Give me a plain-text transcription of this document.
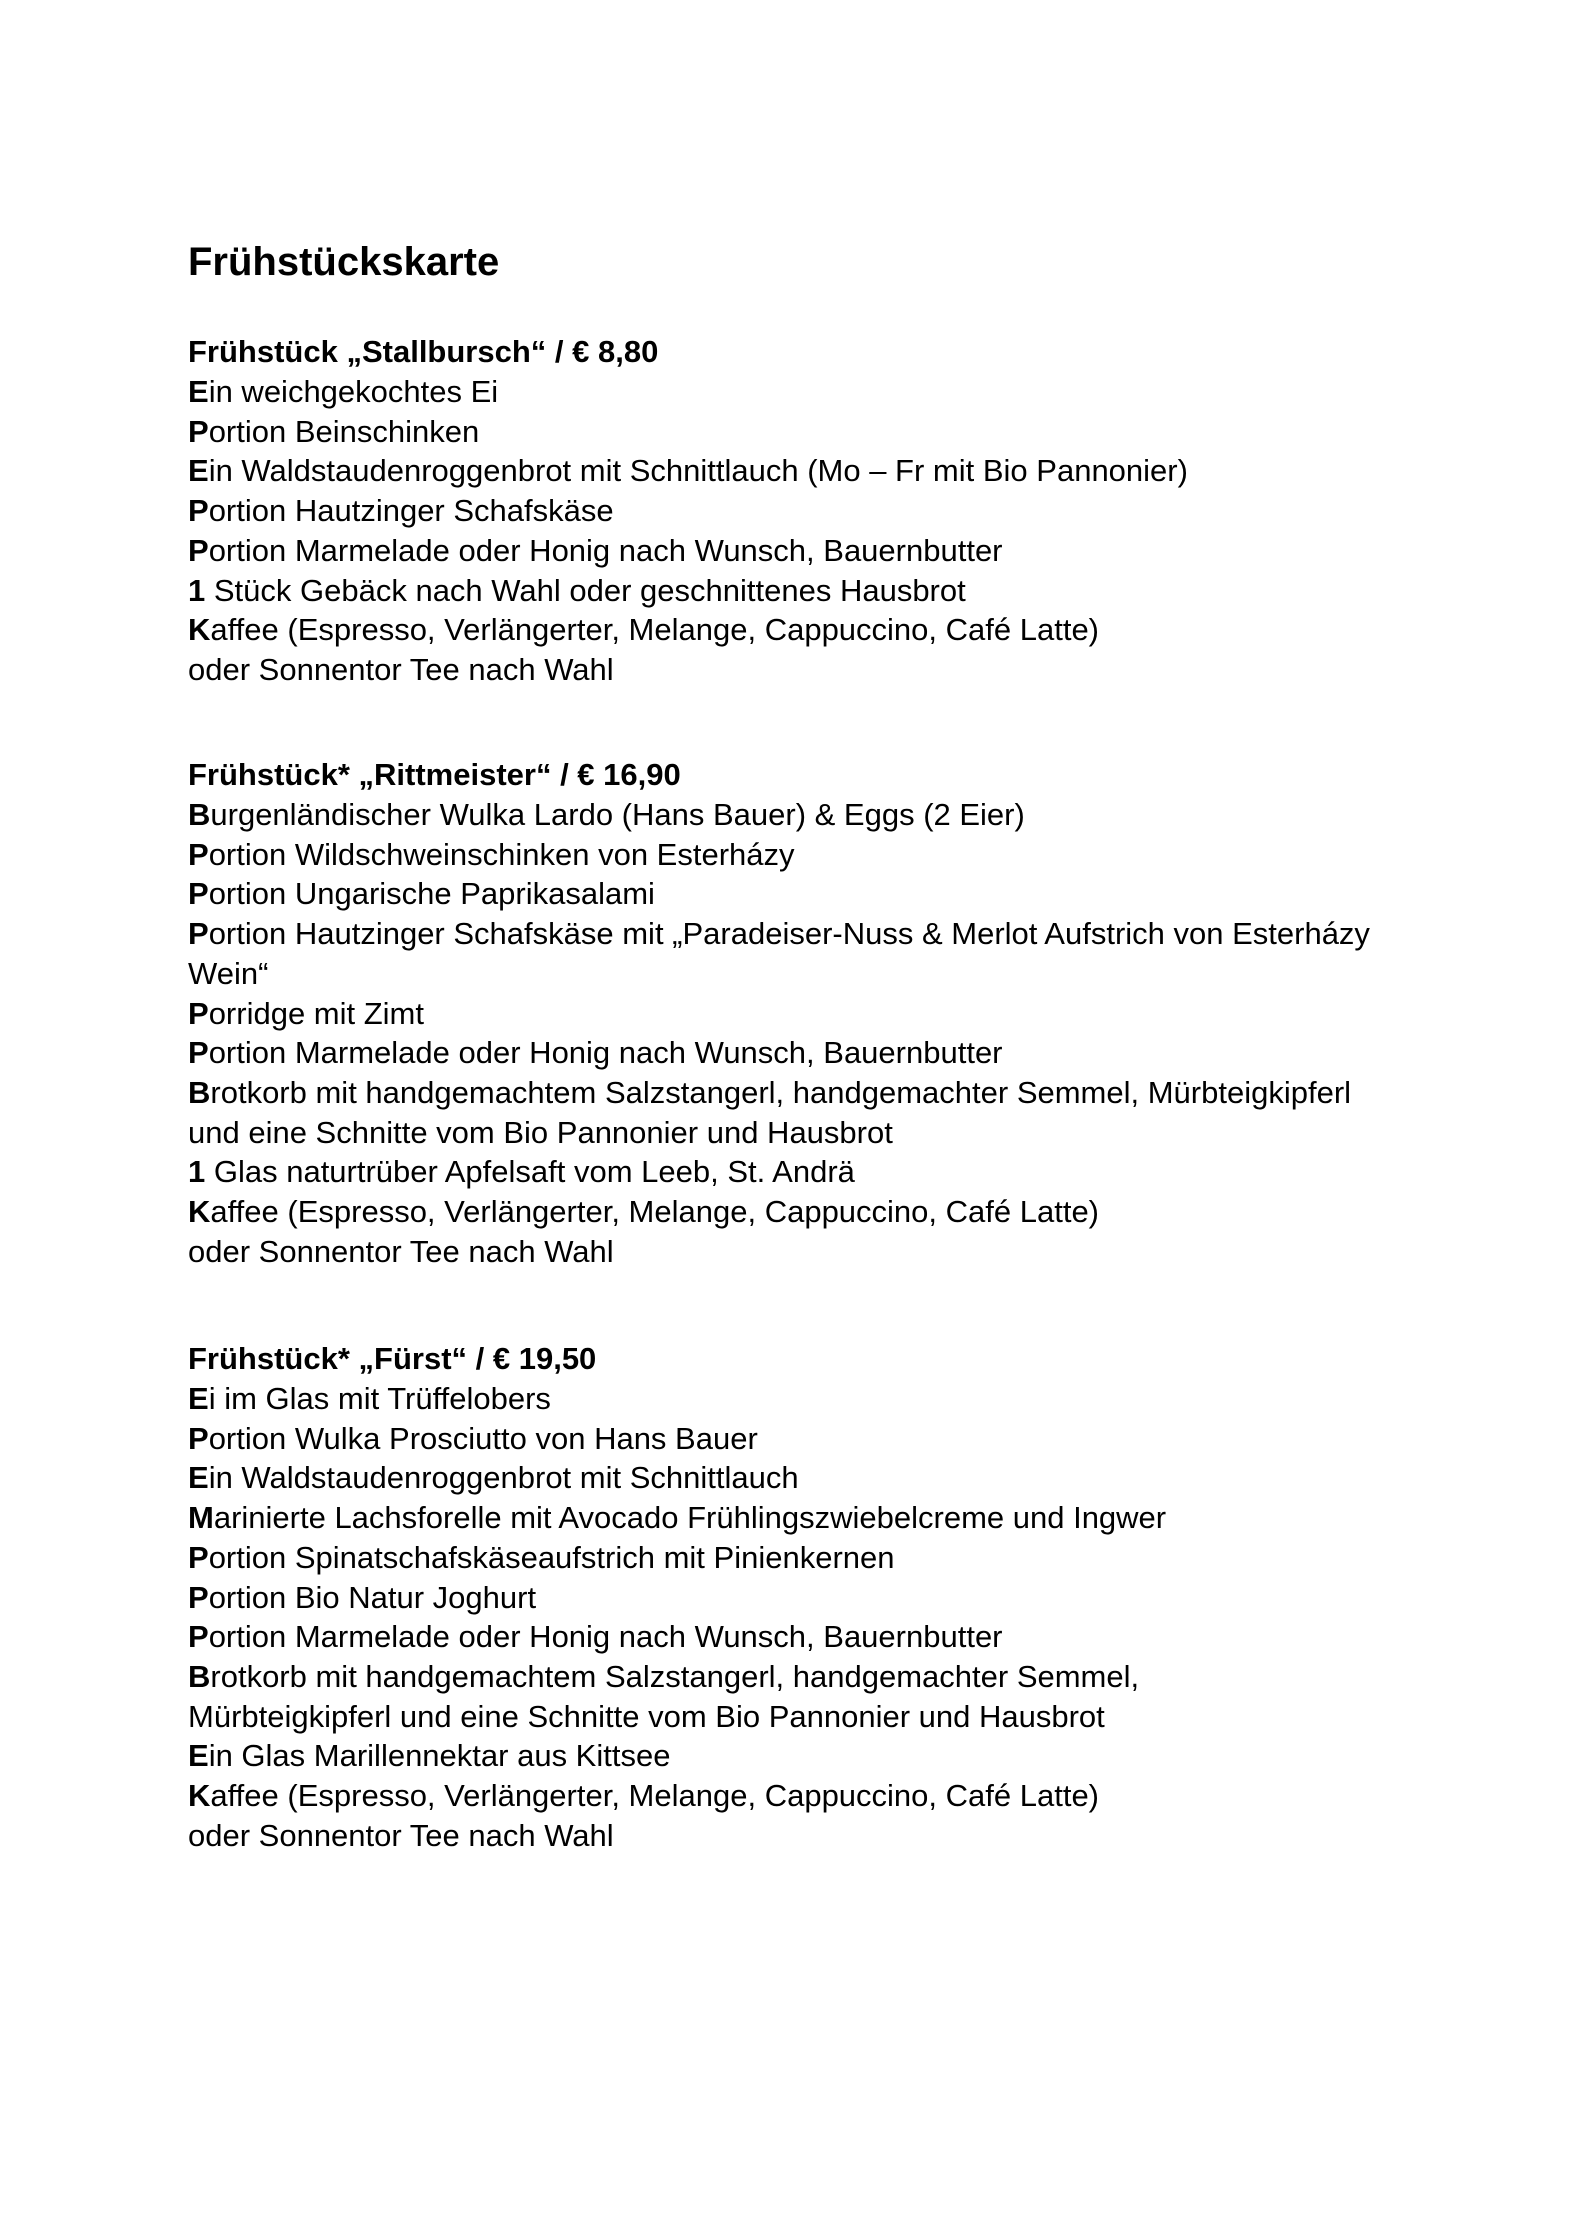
Frühstückskarte
Frühstück „Stallbursch“ / € 8,80
Ein weichgekochtes Ei
Portion Beinschinken
Ein Waldstaudenroggenbrot mit Schnittlauch (Mo – Fr mit Bio Pannonier)
Portion Hautzinger Schafskäse
Portion Marmelade oder Honig nach Wunsch, Bauernbutter
1 Stück Gebäck nach Wahl oder geschnittenes Hausbrot
Kaffee (Espresso, Verlängerter, Melange, Cappuccino, Café Latte)
oder Sonnentor Tee nach Wahl
Frühstück* „Rittmeister“ / € 16,90
Burgenländischer Wulka Lardo (Hans Bauer) & Eggs (2 Eier)
Portion Wildschweinschinken von Esterházy
Portion Ungarische Paprikasalami
Portion Hautzinger Schafskäse mit „Paradeiser-Nuss & Merlot Aufstrich von Esterházy
Wein“
Porridge mit Zimt
Portion Marmelade oder Honig nach Wunsch, Bauernbutter
Brotkorb mit handgemachtem Salzstangerl, handgemachter Semmel, Mürbteigkipferl
und eine Schnitte vom Bio Pannonier und Hausbrot
1 Glas naturtrüber Apfelsaft vom Leeb, St. Andrä
Kaffee (Espresso, Verlängerter, Melange, Cappuccino, Café Latte)
oder Sonnentor Tee nach Wahl
Frühstück* „Fürst“ / € 19,50
Ei im Glas mit Trüffelobers
Portion Wulka Prosciutto von Hans Bauer
Ein Waldstaudenroggenbrot mit Schnittlauch
Marinierte Lachsforelle mit Avocado Frühlingszwiebelcreme und Ingwer
Portion Spinatschafskäseaufstrich mit Pinienkernen
Portion Bio Natur Joghurt
Portion Marmelade oder Honig nach Wunsch, Bauernbutter
Brotkorb mit handgemachtem Salzstangerl, handgemachter Semmel,
Mürbteigkipferl und eine Schnitte vom Bio Pannonier und Hausbrot
Ein Glas Marillennektar aus Kittsee
Kaffee (Espresso, Verlängerter, Melange, Cappuccino, Café Latte)
oder Sonnentor Tee nach Wahl
